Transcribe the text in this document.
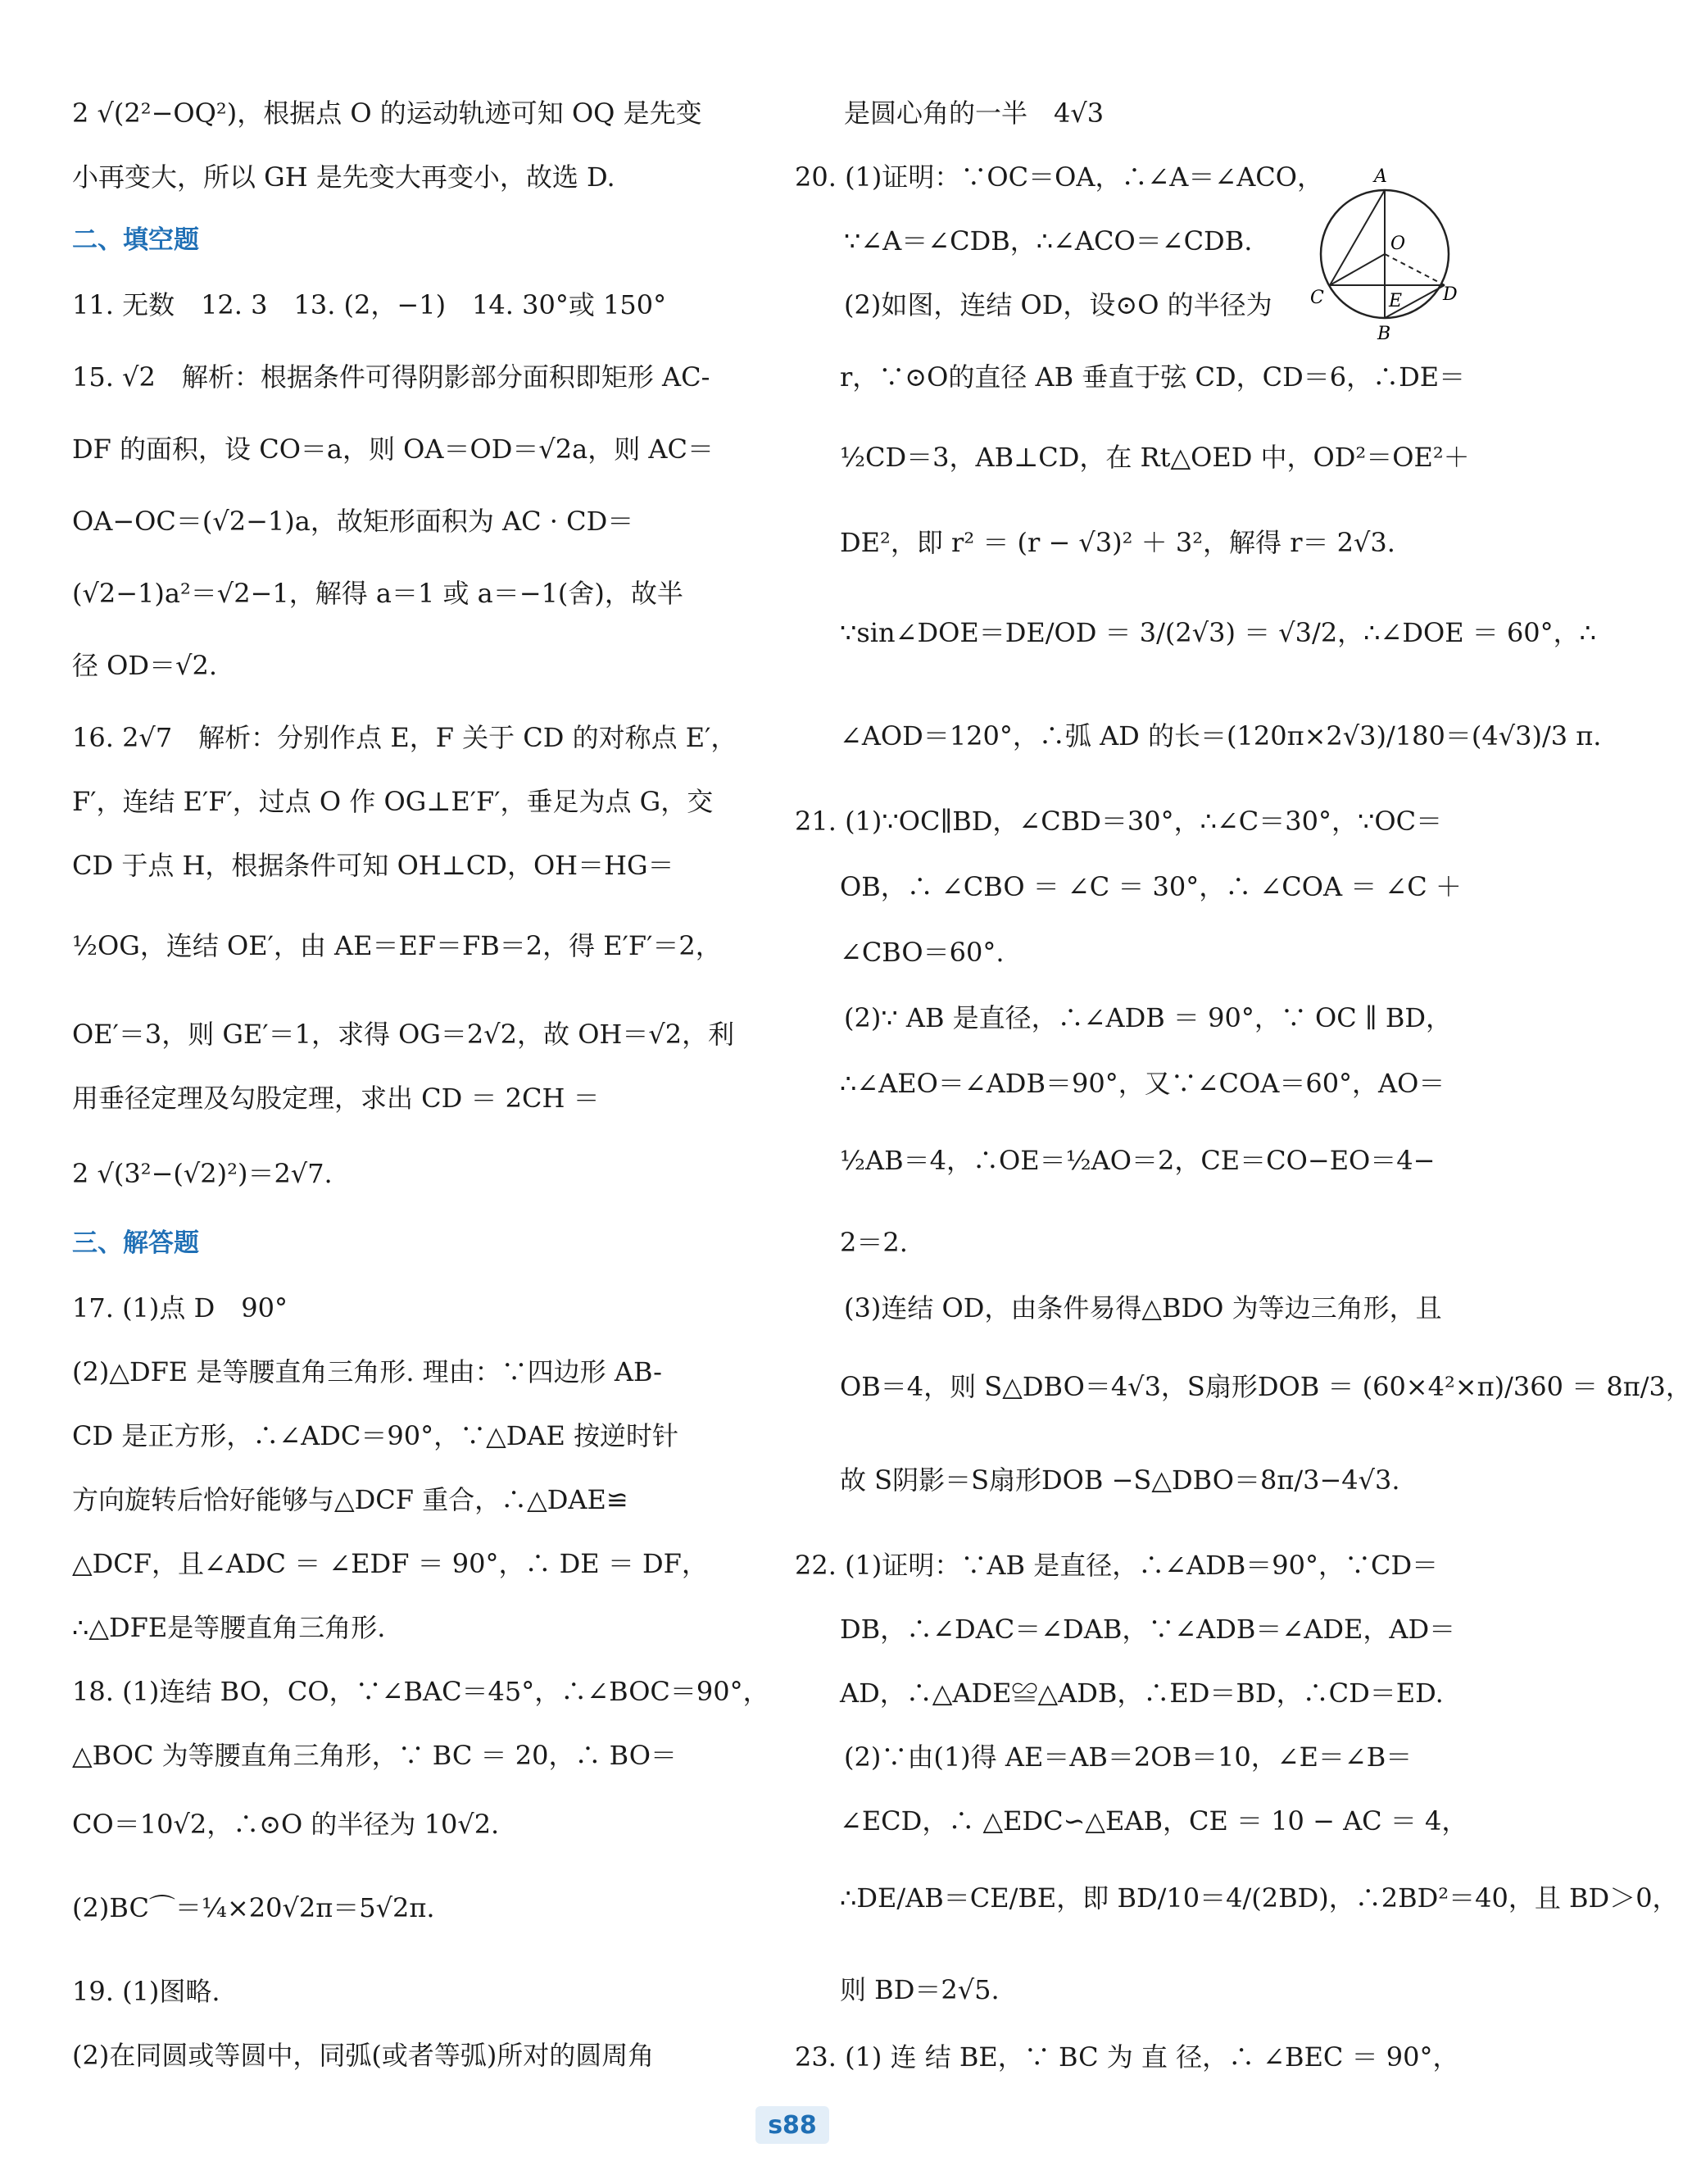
2 √(2²−OQ²)，根据点 O 的运动轨迹可知 OQ 是先变
小再变大，所以 GH 是先变大再变小，故选 D.
二、填空题
11. 无数　12. 3　13. (2，−1)　14. 30°或 150°
15. √2　解析：根据条件可得阴影部分面积即矩形 AC-
DF 的面积，设 CO＝a，则 OA＝OD＝√2a，则 AC＝
OA−OC＝(√2−1)a，故矩形面积为 AC · CD＝
(√2−1)a²＝√2−1，解得 a＝1 或 a＝−1(舍)，故半
径 OD＝√2.
16. 2√7　解析：分别作点 E，F 关于 CD 的对称点 E′，
F′，连结 E′F′，过点 O 作 OG⊥E′F′，垂足为点 G，交
CD 于点 H，根据条件可知 OH⊥CD，OH＝HG＝
½OG，连结 OE′，由 AE＝EF＝FB＝2，得 E′F′＝2，
OE′＝3，则 GE′＝1，求得 OG＝2√2，故 OH＝√2，利
用垂径定理及勾股定理，求出 CD ＝ 2CH ＝
2 √(3²−(√2)²)＝2√7.
三、解答题
17. (1)点 D　90°
(2)△DFE 是等腰直角三角形. 理由：∵四边形 AB-
CD 是正方形，∴∠ADC＝90°，∵△DAE 按逆时针
方向旋转后恰好能够与△DCF 重合，∴△DAE≌
△DCF，且∠ADC ＝ ∠EDF ＝ 90°，∴ DE ＝ DF，
∴△DFE是等腰直角三角形.
18. (1)连结 BO，CO，∵∠BAC＝45°，∴∠BOC＝90°，
△BOC 为等腰直角三角形，∵ BC ＝ 20，∴ BO＝
CO＝10√2，∴⊙O 的半径为 10√2.
(2)BC⌒＝¼×20√2π＝5√2π.
19. (1)图略.
(2)在同圆或等圆中，同弧(或者等弧)所对的圆周角
是圆心角的一半　4√3
20. (1)证明：∵OC＝OA，∴∠A＝∠ACO，
∵∠A＝∠CDB，∴∠ACO＝∠CDB.
(2)如图，连结 OD，设⊙O 的半径为
r，∵⊙O的直径 AB 垂直于弦 CD，CD＝6，∴DE＝
½CD＝3，AB⊥CD，在 Rt△OED 中，OD²＝OE²＋
DE²，即 r² ＝ (r − √3)² ＋ 3²，解得 r＝ 2√3.
∵sin∠DOE＝DE/OD ＝ 3/(2√3) ＝ √3/2，∴∠DOE ＝ 60°，∴
∠AOD＝120°，∴弧 AD 的长＝(120π×2√3)/180＝(4√3)/3 π.
21. (1)∵OC∥BD，∠CBD＝30°，∴∠C＝30°，∵OC＝
OB，∴ ∠CBO ＝ ∠C ＝ 30°，∴ ∠COA ＝ ∠C ＋
∠CBO＝60°.
(2)∵ AB 是直径，∴∠ADB ＝ 90°，∵ OC ∥ BD，
∴∠AEO＝∠ADB＝90°，又∵∠COA＝60°，AO＝
½AB＝4，∴OE＝½AO＝2，CE＝CO−EO＝4−
2＝2.
(3)连结 OD，由条件易得△BDO 为等边三角形，且
OB＝4，则 S△DBO＝4√3，S扇形DOB ＝ (60×4²×π)/360 ＝ 8π/3，
故 S阴影＝S扇形DOB −S△DBO＝8π/3−4√3.
22. (1)证明：∵AB 是直径，∴∠ADB＝90°，∵CD＝
DB，∴∠DAC＝∠DAB，∵∠ADB＝∠ADE，AD＝
AD，∴△ADE≌△ADB，∴ED＝BD，∴CD＝ED.
(2)∵由(1)得 AE＝AB＝2OB＝10，∠E＝∠B＝
∠ECD，∴ △EDC∽△EAB，CE ＝ 10 − AC ＝ 4，
∴DE/AB＝CE/BE，即 BD/10＝4/(2BD)，∴2BD²＝40，且 BD＞0，
则 BD＝2√5.
23. (1) 连 结 BE，∵ BC 为 直 径，∴ ∠BEC ＝ 90°，
A
O
C	E D
B
s88
